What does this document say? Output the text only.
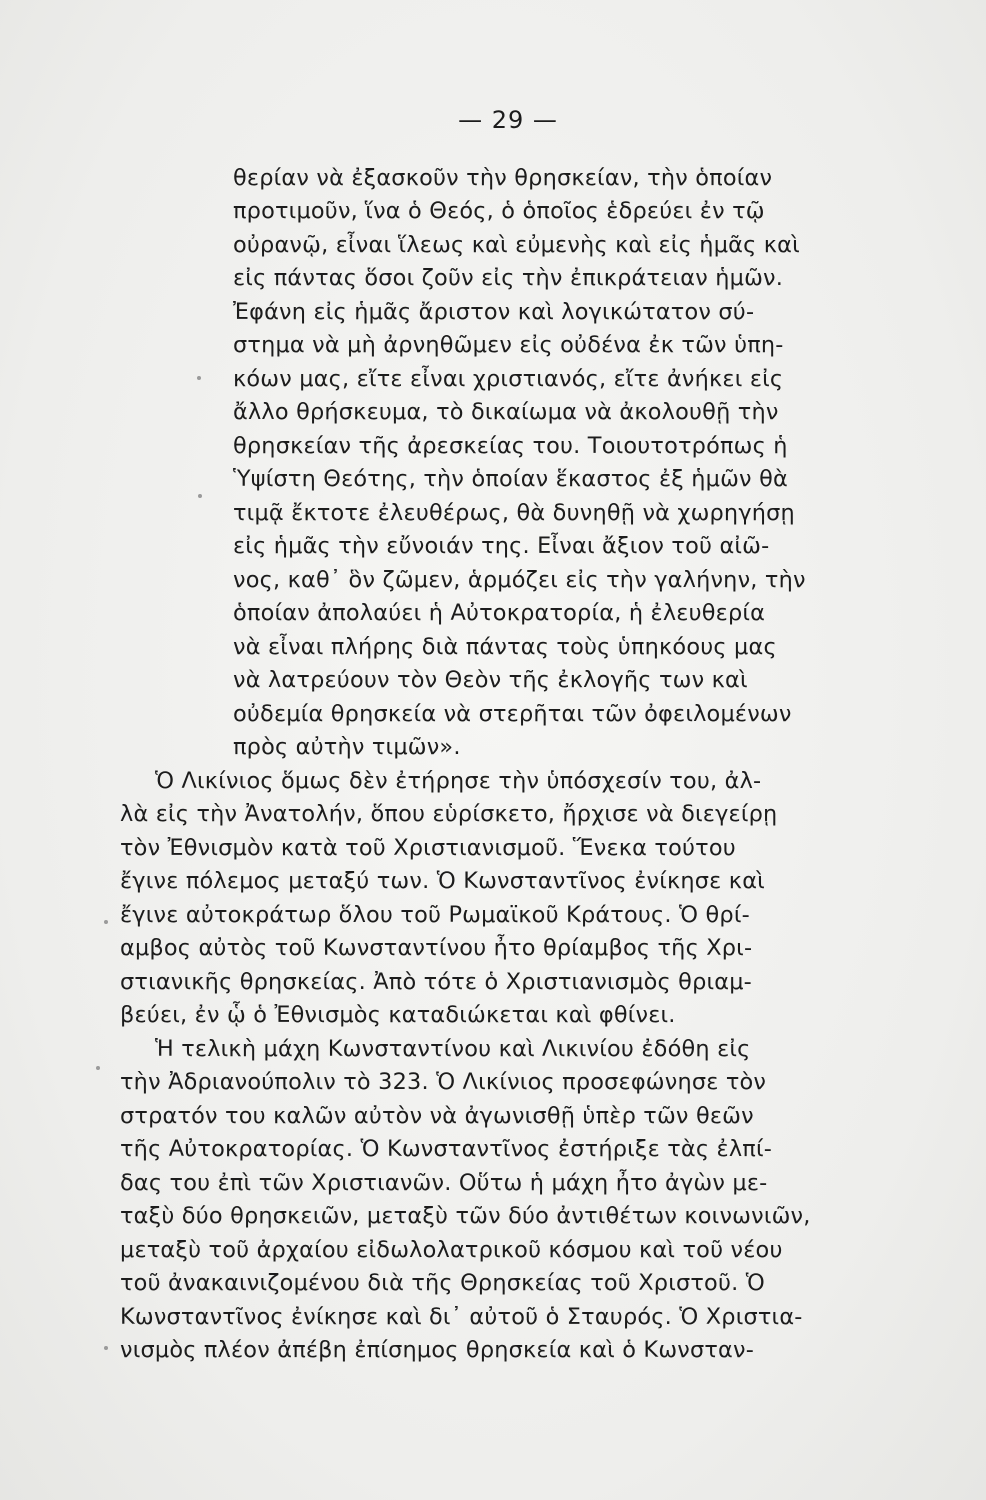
— 29 —
θερίαν νὰ ἐξασκοῦν τὴν θρησκείαν, τὴν ὁποίαν
προτιμοῦν, ἵνα ὁ Θεός, ὁ ὁποῖος ἑδρεύει ἐν τῷ
οὐρανῷ, εἶναι ἵλεως καὶ εὐμενὴς καὶ εἰς ἡμᾶς καὶ
εἰς πάντας ὅσοι ζοῦν εἰς τὴν ἐπικράτειαν ἡμῶν.
Ἐφάνη εἰς ἡμᾶς ἄριστον καὶ λογικώτατον σύ-
στημα νὰ μὴ ἀρνηθῶμεν εἰς οὐδένα ἐκ τῶν ὑπη-
κόων μας, εἴτε εἶναι χριστιανός, εἴτε ἀνήκει εἰς
ἄλλο θρήσκευμα, τὸ δικαίωμα νὰ ἀκολουθῇ τὴν
θρησκείαν τῆς ἀρεσκείας του. Τοιουτοτρόπως ἡ
Ὑψίστη Θεότης, τὴν ὁποίαν ἕκαστος ἐξ ἡμῶν θὰ
τιμᾷ ἔκτοτε ἐλευθέρως, θὰ δυνηθῇ νὰ χωρηγήσῃ
εἰς ἡμᾶς τὴν εὔνοιάν της. Εἶναι ἄξιον τοῦ αἰῶ-
νος, καθ᾿ ὃν ζῶμεν, ἁρμόζει εἰς τὴν γαλήνην, τὴν
ὁποίαν ἀπολαύει ἡ Αὐτοκρατορία, ἡ ἐλευθερία
νὰ εἶναι πλήρης διὰ πάντας τοὺς ὑπηκόους μας
νὰ λατρεύουν τὸν Θεὸν τῆς ἐκλογῆς των καὶ
οὐδεμία θρησκεία νὰ στερῆται τῶν ὀφειλομένων
πρὸς αὐτὴν τιμῶν».
Ὁ Λικίνιος ὅμως δὲν ἐτήρησε τὴν ὑπόσχεσίν του, ἀλ-
λὰ εἰς τὴν Ἀνατολήν, ὅπου εὑρίσκετο, ἤρχισε νὰ διεγείρῃ
τὸν Ἐθνισμὸν κατὰ τοῦ Χριστιανισμοῦ. Ἕνεκα τούτου
ἔγινε πόλεμος μεταξύ των. Ὁ Κωνσταντῖνος ἐνίκησε καὶ
ἔγινε αὐτοκράτωρ ὅλου τοῦ Ρωμαϊκοῦ Κράτους. Ὁ θρί-
αμβος αὐτὸς τοῦ Κωνσταντίνου ἦτο θρίαμβος τῆς Χρι-
στιανικῆς θρησκείας. Ἀπὸ τότε ὁ Χριστιανισμὸς θριαμ-
βεύει, ἐν ᾧ ὁ Ἐθνισμὸς καταδιώκεται καὶ φθίνει.
Ἡ τελικὴ μάχη Κωνσταντίνου καὶ Λικινίου ἐδόθη εἰς
τὴν Ἀδριανούπολιν τὸ 323. Ὁ Λικίνιος προσεφώνησε τὸν
στρατόν του καλῶν αὐτὸν νὰ ἀγωνισθῇ ὑπὲρ τῶν θεῶν
τῆς Αὐτοκρατορίας. Ὁ Κωνσταντῖνος ἐστήριξε τὰς ἐλπί-
δας του ἐπὶ τῶν Χριστιανῶν. Οὕτω ἡ μάχη ἦτο ἀγὼν με-
ταξὺ δύο θρησκειῶν, μεταξὺ τῶν δύο ἀντιθέτων κοινωνιῶν,
μεταξὺ τοῦ ἀρχαίου εἰδωλολατρικοῦ κόσμου καὶ τοῦ νέου
τοῦ ἀνακαινιζομένου διὰ τῆς Θρησκείας τοῦ Χριστοῦ. Ὁ
Κωνσταντῖνος ἐνίκησε καὶ δι᾿ αὐτοῦ ὁ Σταυρός. Ὁ Χριστια-
νισμὸς πλέον ἀπέβη ἐπίσημος θρησκεία καὶ ὁ Κωνσταν-
